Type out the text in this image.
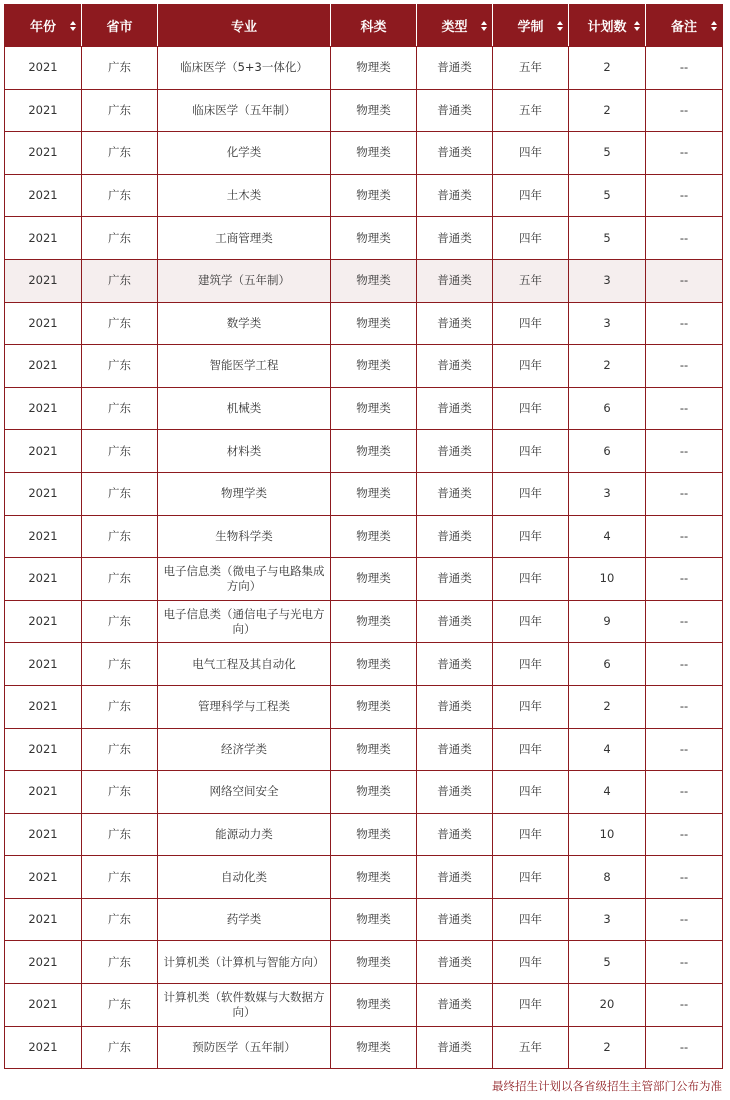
年份	省市	专业	科类	类型	学制	计划数	备注

2021	广东	临床医学（5+3一体化）	物理类	普通类	五年	2	--
2021	广东	临床医学（五年制）	物理类	普通类	五年	2	--
2021	广东	化学类	物理类	普通类	四年	5	--
2021	广东	土木类	物理类	普通类	四年	5	--
2021	广东	工商管理类	物理类	普通类	四年	5	--
2021	广东	建筑学（五年制）	物理类	普通类	五年	3	--
2021	广东	数学类	物理类	普通类	四年	3	--
2021	广东	智能医学工程	物理类	普通类	四年	2	--
2021	广东	机械类	物理类	普通类	四年	6	--
2021	广东	材料类	物理类	普通类	四年	6	--
2021	广东	物理学类	物理类	普通类	四年	3	--
2021	广东	生物科学类	物理类	普通类	四年	4	--
2021	广东	电子信息类（微电子与电路集成方向）	物理类	普通类	四年	10	--
2021	广东	电子信息类（通信电子与光电方向）	物理类	普通类	四年	9	--
2021	广东	电气工程及其自动化	物理类	普通类	四年	6	--
2021	广东	管理科学与工程类	物理类	普通类	四年	2	--
2021	广东	经济学类	物理类	普通类	四年	4	--
2021	广东	网络空间安全	物理类	普通类	四年	4	--
2021	广东	能源动力类	物理类	普通类	四年	10	--
2021	广东	自动化类	物理类	普通类	四年	8	--
2021	广东	药学类	物理类	普通类	四年	3	--
2021	广东	计算机类（计算机与智能方向）	物理类	普通类	四年	5	--
2021	广东	计算机类（软件数媒与大数据方向）	物理类	普通类	四年	20	--
2021	广东	预防医学（五年制）	物理类	普通类	五年	2	--
最终招生计划以各省级招生主管部门公布为准
